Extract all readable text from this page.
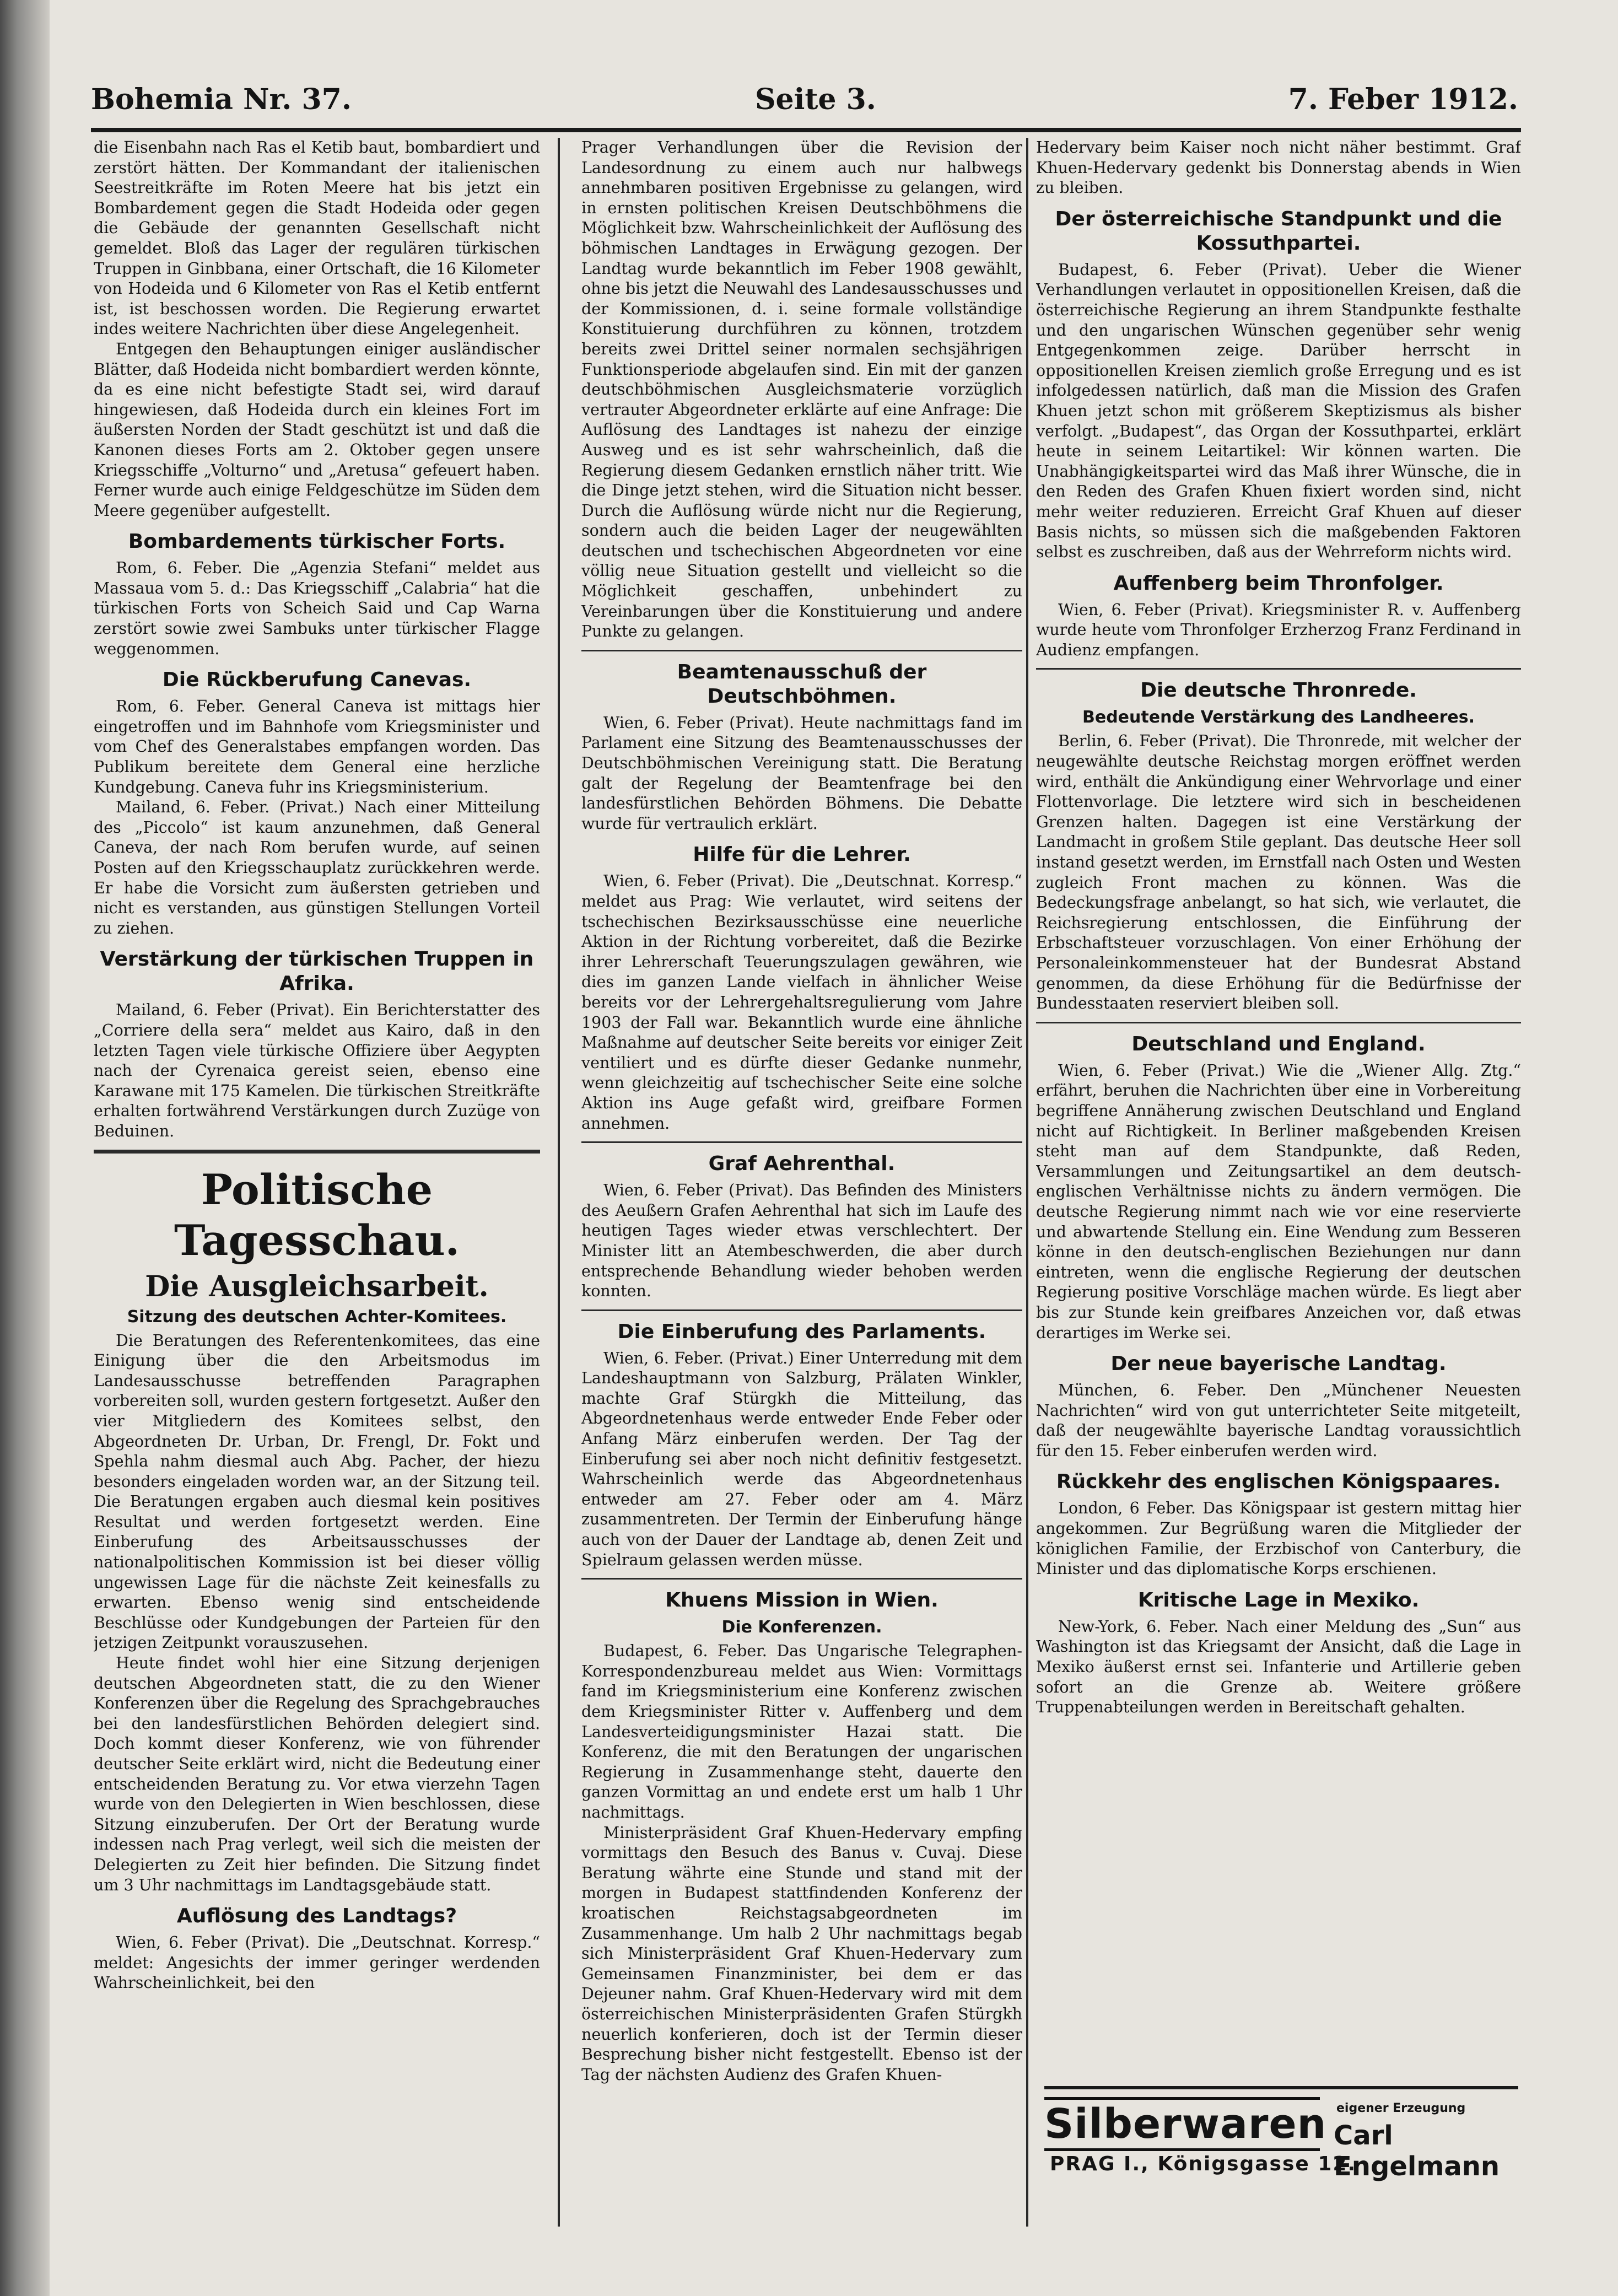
Bohemia Nr. 37.	Seite 3.	7. Feber 1912.

die Eisenbahn nach Ras el Ketib baut, bombardiert und zerstört hätten. Der Kommandant der italienischen Seestreitkräfte im Roten Meere hat bis jetzt ein Bombardement gegen die Stadt Hodeida oder gegen die Gebäude der genannten Gesellschaft nicht gemeldet. Bloß das Lager der regulären türkischen Truppen in Ginbbana, einer Ortschaft, die 16 Kilometer von Hodeida und 6 Kilometer von Ras el Ketib entfernt ist, ist beschossen worden. Die Regierung erwartet indes weitere Nachrichten über diese Angelegenheit.

Entgegen den Behauptungen einiger ausländischer Blätter, daß Hodeida nicht bombardiert werden könnte, da es eine nicht befestigte Stadt sei, wird darauf hingewiesen, daß Hodeida durch ein kleines Fort im äußersten Norden der Stadt geschützt ist und daß die Kanonen dieses Forts am 2. Oktober gegen unsere Kriegsschiffe „Volturno“ und „Aretusa“ gefeuert haben. Ferner wurde auch einige Feldgeschütze im Süden dem Meere gegenüber aufgestellt.

Bombardements türkischer Forts.

Rom, 6. Feber. Die „Agenzia Stefani“ meldet aus Massaua vom 5. d.: Das Kriegsschiff „Calabria“ hat die türkischen Forts von Scheich Said und Cap Warna zerstört sowie zwei Sambuks unter türkischer Flagge weggenommen.

Die Rückberufung Canevas.

Rom, 6. Feber. General Caneva ist mittags hier eingetroffen und im Bahnhofe vom Kriegsminister und vom Chef des Generalstabes empfangen worden. Das Publikum bereitete dem General eine herzliche Kundgebung. Caneva fuhr ins Kriegsministerium.

Mailand, 6. Feber. (Privat.) Nach einer Mitteilung des „Piccolo“ ist kaum anzunehmen, daß General Caneva, der nach Rom berufen wurde, auf seinen Posten auf den Kriegsschauplatz zurückkehren werde. Er habe die Vorsicht zum äußersten getrieben und nicht es verstanden, aus günstigen Stellungen Vorteil zu ziehen.

Verstärkung der türkischen Truppen in Afrika.

Mailand, 6. Feber (Privat). Ein Berichterstatter des „Corriere della sera“ meldet aus Kairo, daß in den letzten Tagen viele türkische Offiziere über Aegypten nach der Cyrenaica gereist seien, ebenso eine Karawane mit 175 Kamelen. Die türkischen Streitkräfte erhalten fortwährend Verstärkungen durch Zuzüge von Beduinen.

Politische Tagesschau.
Die Ausgleichsarbeit.
Sitzung des deutschen Achter-Komitees.

Die Beratungen des Referentenkomitees, das eine Einigung über die den Arbeitsmodus im Landesausschusse betreffenden Paragraphen vorbereiten soll, wurden gestern fortgesetzt. Außer den vier Mitgliedern des Komitees selbst, den Abgeordneten Dr. Urban, Dr. Frengl, Dr. Fokt und Spehla nahm diesmal auch Abg. Pacher, der hiezu besonders eingeladen worden war, an der Sitzung teil. Die Beratungen ergaben auch diesmal kein positives Resultat und werden fortgesetzt werden. Eine Einberufung des Arbeitsausschusses der nationalpolitischen Kommission ist bei dieser völlig ungewissen Lage für die nächste Zeit keinesfalls zu erwarten. Ebenso wenig sind entscheidende Beschlüsse oder Kundgebungen der Parteien für den jetzigen Zeitpunkt vorauszusehen.

Heute findet wohl hier eine Sitzung derjenigen deutschen Abgeordneten statt, die zu den Wiener Konferenzen über die Regelung des Sprachgebrauches bei den landesfürstlichen Behörden delegiert sind. Doch kommt dieser Konferenz, wie von führender deutscher Seite erklärt wird, nicht die Bedeutung einer entscheidenden Beratung zu. Vor etwa vierzehn Tagen wurde von den Delegierten in Wien beschlossen, diese Sitzung einzuberufen. Der Ort der Beratung wurde indessen nach Prag verlegt, weil sich die meisten der Delegierten zu Zeit hier befinden. Die Sitzung findet um 3 Uhr nachmittags im Landtagsgebäude statt.

Auflösung des Landtags?

Wien, 6. Feber (Privat). Die „Deutschnat. Korresp.“ meldet: Angesichts der immer geringer werdenden Wahrscheinlichkeit, bei den

Prager Verhandlungen über die Revision der Landesordnung zu einem auch nur halbwegs annehmbaren positiven Ergebnisse zu gelangen, wird in ernsten politischen Kreisen Deutschböhmens die Möglichkeit bzw. Wahrscheinlichkeit der Auflösung des böhmischen Landtages in Erwägung gezogen. Der Landtag wurde bekanntlich im Feber 1908 gewählt, ohne bis jetzt die Neuwahl des Landesausschusses und der Kommissionen, d. i. seine formale vollständige Konstituierung durchführen zu können, trotzdem bereits zwei Drittel seiner normalen sechsjährigen Funktionsperiode abgelaufen sind. Ein mit der ganzen deutschböhmischen Ausgleichsmaterie vorzüglich vertrauter Abgeordneter erklärte auf eine Anfrage: Die Auflösung des Landtages ist nahezu der einzige Ausweg und es ist sehr wahrscheinlich, daß die Regierung diesem Gedanken ernstlich näher tritt. Wie die Dinge jetzt stehen, wird die Situation nicht besser. Durch die Auflösung würde nicht nur die Regierung, sondern auch die beiden Lager der neugewählten deutschen und tschechischen Abgeordneten vor eine völlig neue Situation gestellt und vielleicht so die Möglichkeit geschaffen, unbehindert zu Vereinbarungen über die Konstituierung und andere Punkte zu gelangen.

Beamtenausschuß der Deutschböhmen.

Wien, 6. Feber (Privat). Heute nachmittags fand im Parlament eine Sitzung des Beamtenausschusses der Deutschböhmischen Vereinigung statt. Die Beratung galt der Regelung der Beamtenfrage bei den landesfürstlichen Behörden Böhmens. Die Debatte wurde für vertraulich erklärt.

Hilfe für die Lehrer.

Wien, 6. Feber (Privat). Die „Deutschnat. Korresp.“ meldet aus Prag: Wie verlautet, wird seitens der tschechischen Bezirksausschüsse eine neuerliche Aktion in der Richtung vorbereitet, daß die Bezirke ihrer Lehrerschaft Teuerungszulagen gewähren, wie dies im ganzen Lande vielfach in ähnlicher Weise bereits vor der Lehrergehaltsregulierung vom Jahre 1903 der Fall war. Bekanntlich wurde eine ähnliche Maßnahme auf deutscher Seite bereits vor einiger Zeit ventiliert und es dürfte dieser Gedanke nunmehr, wenn gleichzeitig auf tschechischer Seite eine solche Aktion ins Auge gefaßt wird, greifbare Formen annehmen.

Graf Aehrenthal.

Wien, 6. Feber (Privat). Das Befinden des Ministers des Aeußern Grafen Aehrenthal hat sich im Laufe des heutigen Tages wieder etwas verschlechtert. Der Minister litt an Atembeschwerden, die aber durch entsprechende Behandlung wieder behoben werden konnten.

Die Einberufung des Parlaments.

Wien, 6. Feber. (Privat.) Einer Unterredung mit dem Landeshauptmann von Salzburg, Prälaten Winkler, machte Graf Stürgkh die Mitteilung, das Abgeordnetenhaus werde entweder Ende Feber oder Anfang März einberufen werden. Der Tag der Einberufung sei aber noch nicht definitiv festgesetzt. Wahrscheinlich werde das Abgeordnetenhaus entweder am 27. Feber oder am 4. März zusammentreten. Der Termin der Einberufung hänge auch von der Dauer der Landtage ab, denen Zeit und Spielraum gelassen werden müsse.

Khuens Mission in Wien.
Die Konferenzen.

Budapest, 6. Feber. Das Ungarische Telegraphen-Korrespondenzbureau meldet aus Wien: Vormittags fand im Kriegsministerium eine Konferenz zwischen dem Kriegsminister Ritter v. Auffenberg und dem Landesverteidigungsminister Hazai statt. Die Konferenz, die mit den Beratungen der ungarischen Regierung in Zusammenhange steht, dauerte den ganzen Vormittag an und endete erst um halb 1 Uhr nachmittags.

Ministerpräsident Graf Khuen-Hedervary empfing vormittags den Besuch des Banus v. Cuvaj. Diese Beratung währte eine Stunde und stand mit der morgen in Budapest stattfindenden Konferenz der kroatischen Reichstagsabgeordneten im Zusammenhange. Um halb 2 Uhr nachmittags begab sich Ministerpräsident Graf Khuen-Hedervary zum Gemeinsamen Finanzminister, bei dem er das Dejeuner nahm. Graf Khuen-Hedervary wird mit dem österreichischen Ministerpräsidenten Grafen Stürgkh neuerlich konferieren, doch ist der Termin dieser Besprechung bisher nicht festgestellt. Ebenso ist der Tag der nächsten Audienz des Grafen Khuen-

Hedervary beim Kaiser noch nicht näher bestimmt. Graf Khuen-Hedervary gedenkt bis Donnerstag abends in Wien zu bleiben.

Der österreichische Standpunkt und die Kossuthpartei.

Budapest, 6. Feber (Privat). Ueber die Wiener Verhandlungen verlautet in oppositionellen Kreisen, daß die österreichische Regierung an ihrem Standpunkte festhalte und den ungarischen Wünschen gegenüber sehr wenig Entgegenkommen zeige. Darüber herrscht in oppositionellen Kreisen ziemlich große Erregung und es ist infolgedessen natürlich, daß man die Mission des Grafen Khuen jetzt schon mit größerem Skeptizismus als bisher verfolgt. „Budapest“, das Organ der Kossuthpartei, erklärt heute in seinem Leitartikel: Wir können warten. Die Unabhängigkeitspartei wird das Maß ihrer Wünsche, die in den Reden des Grafen Khuen fixiert worden sind, nicht mehr weiter reduzieren. Erreicht Graf Khuen auf dieser Basis nichts, so müssen sich die maßgebenden Faktoren selbst es zuschreiben, daß aus der Wehrreform nichts wird.

Auffenberg beim Thronfolger.

Wien, 6. Feber (Privat). Kriegsminister R. v. Auffenberg wurde heute vom Thronfolger Erzherzog Franz Ferdinand in Audienz empfangen.

Die deutsche Thronrede.
Bedeutende Verstärkung des Landheeres.

Berlin, 6. Feber (Privat). Die Thronrede, mit welcher der neugewählte deutsche Reichstag morgen eröffnet werden wird, enthält die Ankündigung einer Wehrvorlage und einer Flottenvorlage. Die letztere wird sich in bescheidenen Grenzen halten. Dagegen ist eine Verstärkung der Landmacht in großem Stile geplant. Das deutsche Heer soll instand gesetzt werden, im Ernstfall nach Osten und Westen zugleich Front machen zu können. Was die Bedeckungsfrage anbelangt, so hat sich, wie verlautet, die Reichsregierung entschlossen, die Einführung der Erbschaftsteuer vorzuschlagen. Von einer Erhöhung der Personaleinkommensteuer hat der Bundesrat Abstand genommen, da diese Erhöhung für die Bedürfnisse der Bundesstaaten reserviert bleiben soll.

Deutschland und England.

Wien, 6. Feber (Privat.) Wie die „Wiener Allg. Ztg.“ erfährt, beruhen die Nachrichten über eine in Vorbereitung begriffene Annäherung zwischen Deutschland und England nicht auf Richtigkeit. In Berliner maßgebenden Kreisen steht man auf dem Standpunkte, daß Reden, Versammlungen und Zeitungsartikel an dem deutsch-englischen Verhältnisse nichts zu ändern vermögen. Die deutsche Regierung nimmt nach wie vor eine reservierte und abwartende Stellung ein. Eine Wendung zum Besseren könne in den deutsch-englischen Beziehungen nur dann eintreten, wenn die englische Regierung der deutschen Regierung positive Vorschläge machen würde. Es liegt aber bis zur Stunde kein greifbares Anzeichen vor, daß etwas derartiges im Werke sei.

Der neue bayerische Landtag.

München, 6. Feber. Den „Münchener Neuesten Nachrichten“ wird von gut unterrichteter Seite mitgeteilt, daß der neugewählte bayerische Landtag voraussichtlich für den 15. Feber einberufen werden wird.

Rückkehr des englischen Königspaares.

London, 6 Feber. Das Königspaar ist gestern mittag hier angekommen. Zur Begrüßung waren die Mitglieder der königlichen Familie, der Erzbischof von Canterbury, die Minister und das diplomatische Korps erschienen.

Kritische Lage in Mexiko.

New-York, 6. Feber. Nach einer Meldung des „Sun“ aus Washington ist das Kriegsamt der Ansicht, daß die Lage in Mexiko äußerst ernst sei. Infanterie und Artillerie geben sofort an die Grenze ab. Weitere größere Truppenabteilungen werden in Bereitschaft gehalten.

Silberwaren eigener Erzeugung
Carl Engelmann
PRAG I., Königsgasse 12.
